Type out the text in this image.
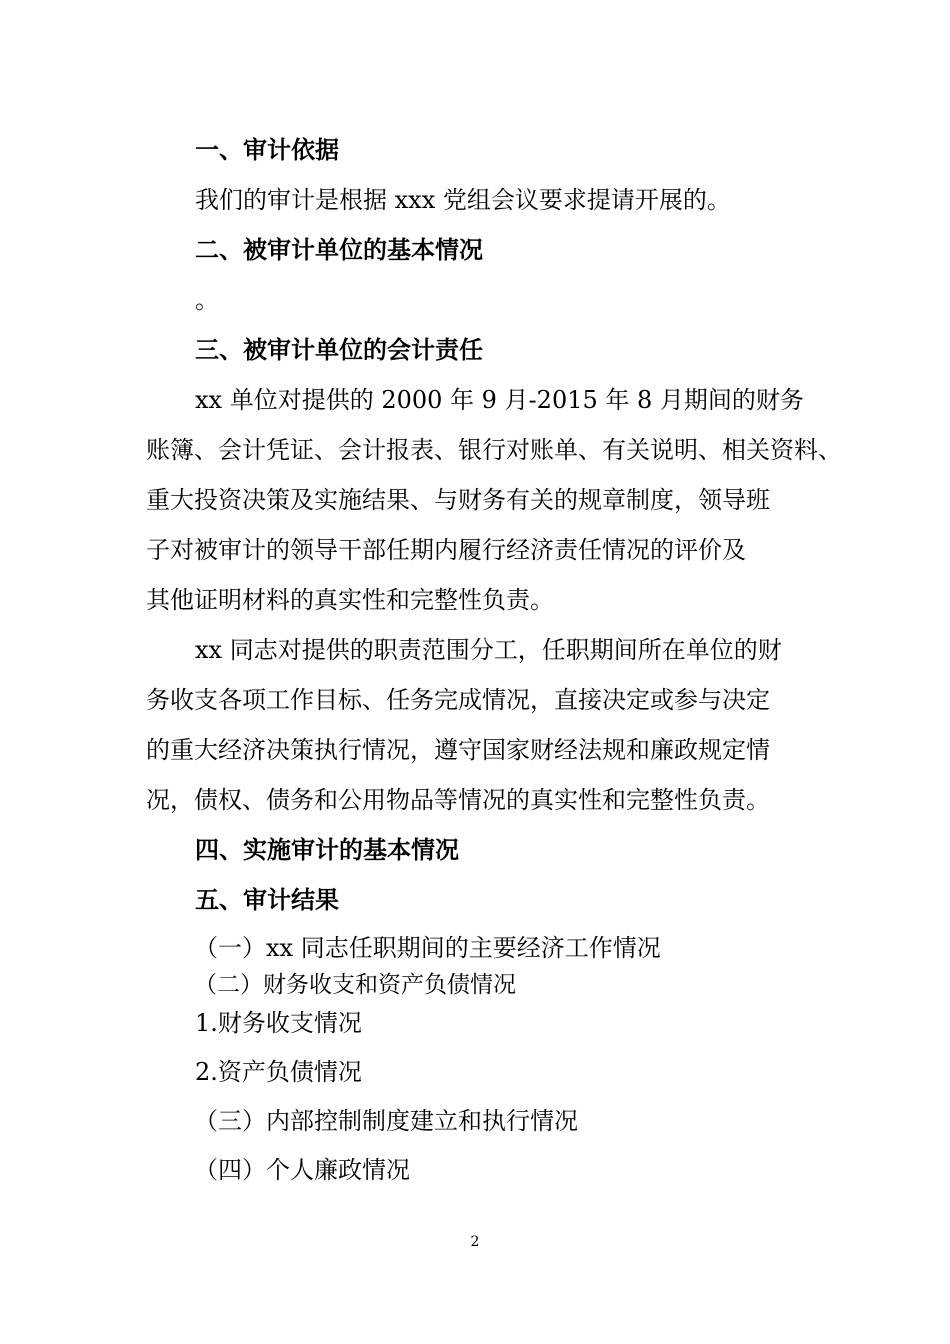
一、审计依据

我们的审计是根据 xxx 党组会议要求提请开展的。

二、被审计单位的基本情况

。

三、被审计单位的会计责任

xx 单位对提供的 2000 年 9 月-2015 年 8 月期间的财务

账簿、会计凭证、会计报表、银行对账单、有关说明、相关资料、

重大投资决策及实施结果、与财务有关的规章制度，领导班

子对被审计的领导干部任期内履行经济责任情况的评价及

其他证明材料的真实性和完整性负责。

xx 同志对提供的职责范围分工，任职期间所在单位的财

务收支各项工作目标、任务完成情况，直接决定或参与决定

的重大经济决策执行情况，遵守国家财经法规和廉政规定情

况，债权、债务和公用物品等情况的真实性和完整性负责。

四、实施审计的基本情况

五、审计结果

（一）xx 同志任职期间的主要经济工作情况

（二）财务收支和资产负债情况

1.财务收支情况

2.资产负债情况

（三）内部控制制度建立和执行情况

（四）个人廉政情况

2
